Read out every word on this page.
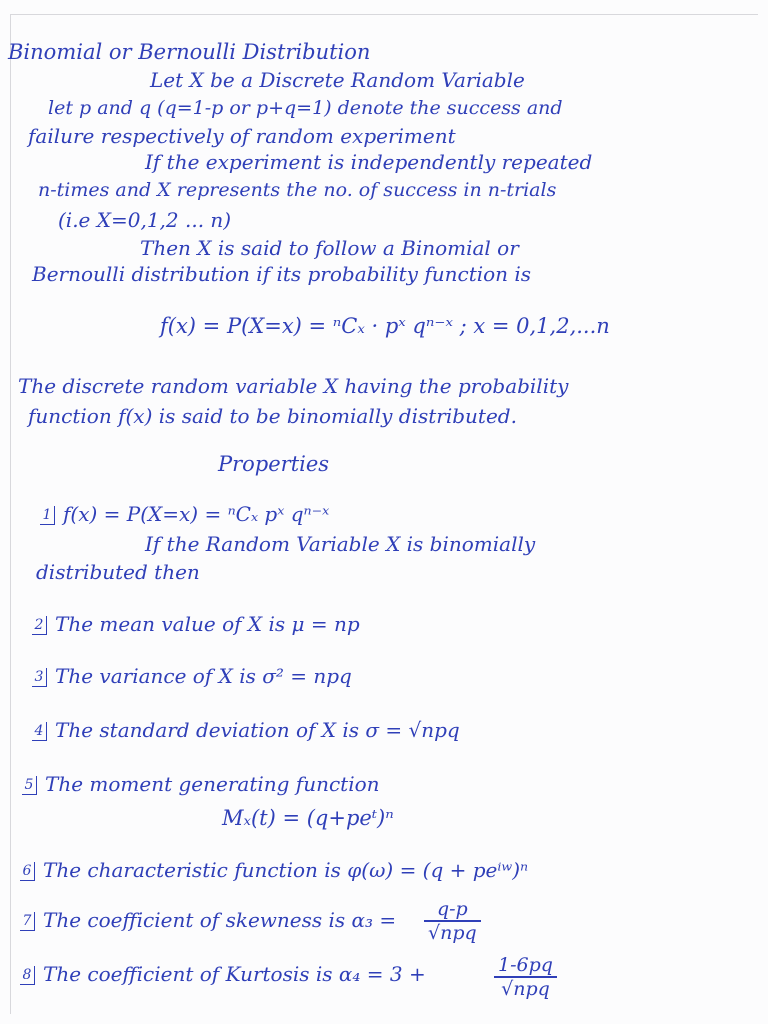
Binomial or Bernoulli Distribution
Let X be a Discrete Random Variable
let p and q (q=1-p or p+q=1) denote the success and
failure respectively of random experiment
If the experiment is independently repeated
n-times and X represents the no. of success in n-trials
(i.e X=0,1,2 ... n)
Then X is said to follow a Binomial or
Bernoulli distribution if its probability function is
f(x) = P(X=x) = ⁿCₓ · pˣ qⁿ⁻ˣ ; x = 0,1,2,...n
The discrete random variable X having the probability
function f(x) is said to be binomially distributed.
Properties
1 f(x) = P(X=x) = ⁿCₓ pˣ qⁿ⁻ˣ
If the Random Variable X is binomially
distributed then
2 The mean value of X is μ = np
3 The variance of X is σ² = npq
4 The standard deviation of X is σ = √npq
5 The moment generating function
Mₓ(t) = (q+peᵗ)ⁿ
6 The characteristic function is φ(ω) = (q + peⁱʷ)ⁿ
7 The coefficient of skewness is α₃ =	q-p
√npq
8 The coefficient of Kurtosis is α₄ = 3 +	1-6pq
√npq
